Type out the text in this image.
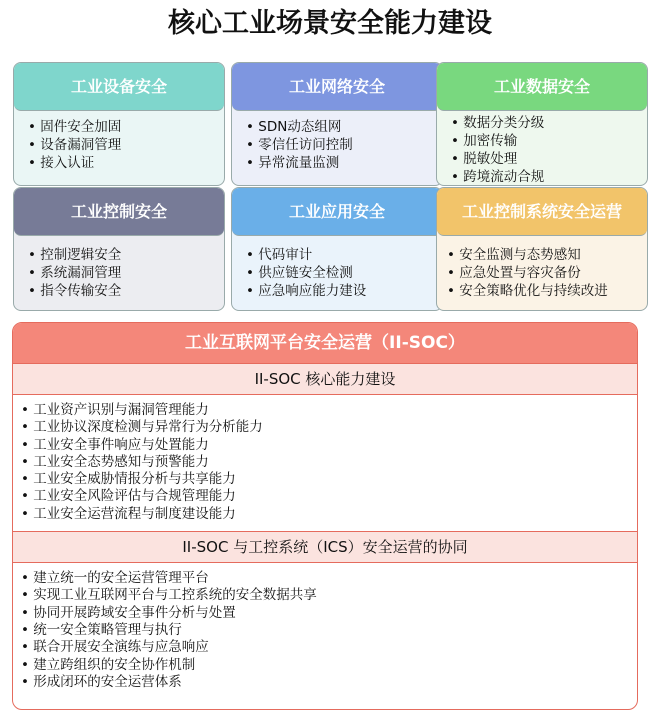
核心工业场景安全能力建设
工业设备安全
• 固件安全加固
• 设备漏洞管理
• 接入认证
工业网络安全
• SDN动态组网
• 零信任访问控制
• 异常流量监测
工业数据安全
• 数据分类分级
• 加密传输
• 脱敏处理
• 跨境流动合规
工业控制安全
• 控制逻辑安全
• 系统漏洞管理
• 指令传输安全
工业应用安全
• 代码审计
• 供应链安全检测
• 应急响应能力建设
工业控制系统安全运营
• 安全监测与态势感知
• 应急处置与容灾备份
• 安全策略优化与持续改进
工业互联网平台安全运营（II-SOC）
II-SOC 核心能力建设
• 工业资产识别与漏洞管理能力
• 工业协议深度检测与异常行为分析能力
• 工业安全事件响应与处置能力
• 工业安全态势感知与预警能力
• 工业安全威胁情报分析与共享能力
• 工业安全风险评估与合规管理能力
• 工业安全运营流程与制度建设能力
II-SOC 与工控系统（ICS）安全运营的协同
• 建立统一的安全运营管理平台
• 实现工业互联网平台与工控系统的安全数据共享
• 协同开展跨域安全事件分析与处置
• 统一安全策略管理与执行
• 联合开展安全演练与应急响应
• 建立跨组织的安全协作机制
• 形成闭环的安全运营体系
